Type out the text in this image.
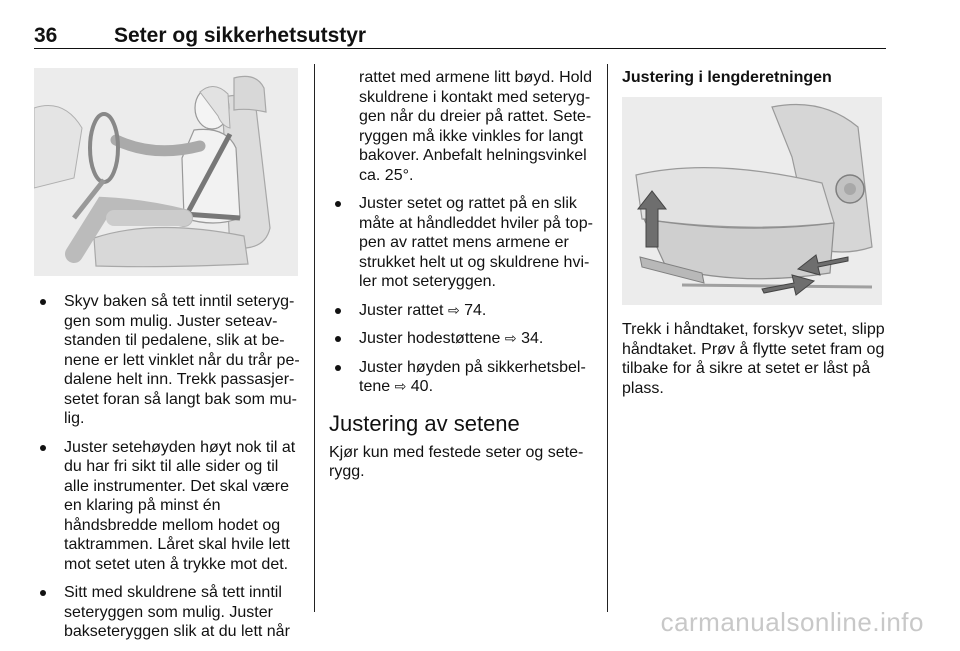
36	Seter og sikkerhetsutstyr
Skyv baken så tett inntil seteryg-gen som mulig. Juster seteav-standen til pedalene, slik at be-nene er lett vinklet når du trår pe-dalene helt inn. Trekk passasjer-setet foran så langt bak som mu-lig.
Juster setehøyden høyt nok til at du har fri sikt til alle sider og til alle instrumenter. Det skal være en klaring på minst én håndsbredde mellom hodet og taktrammen. Låret skal hvile lett mot setet uten å trykke mot det.
Sitt med skuldrene så tett inntil seteryggen som mulig. Juster bakseteryggen slik at du lett når

rattet med armene litt bøyd. Hold skuldrene i kontakt med seteryg-gen når du dreier på rattet. Sete-ryggen må ikke vinkles for langt bakover. Anbefalt helningsvinkel ca. 25°.

Juster setet og rattet på en slik måte at håndleddet hviler på top-pen av rattet mens armene er strukket helt ut og skuldrene hvi-ler mot seteryggen.
Juster rattet ⇨ 74.
Juster hodestøttene ⇨ 34.
Juster høyden på sikkerhetsbel-tene ⇨ 40.
Justering av setene

Kjør kun med festede seter og sete-rygg.

Justering i lengderetningen

Trekk i håndtaket, forskyv setet, slipp håndtaket. Prøv å flytte setet fram og tilbake for å sikre at setet er låst på plass.

carmanualsonline.info
